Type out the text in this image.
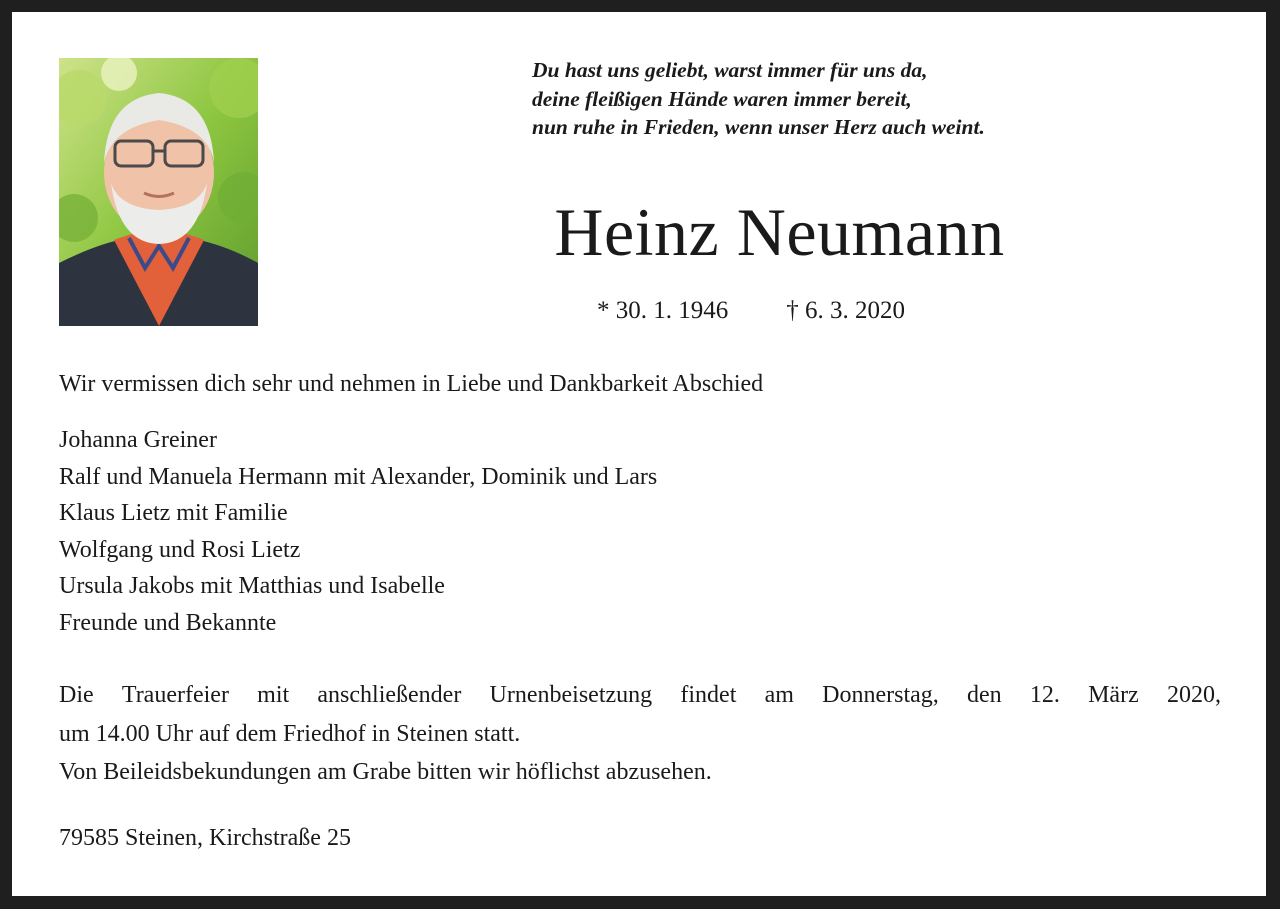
Du hast uns geliebt, warst immer für uns da,
deine fleißigen Hände waren immer bereit,
nun ruhe in Frieden, wenn unser Herz auch weint.
Heinz Neumann
* 30. 1. 1946 † 6. 3. 2020
Wir vermissen dich sehr und nehmen in Liebe und Dankbarkeit Abschied
Johanna Greiner
Ralf und Manuela Hermann mit Alexander, Dominik und Lars
Klaus Lietz mit Familie
Wolfgang und Rosi Lietz
Ursula Jakobs mit Matthias und Isabelle
Freunde und Bekannte
Die Trauerfeier mit anschließender Urnenbeisetzung findet am Donnerstag, den 12. März 2020,
um 14.00 Uhr auf dem Friedhof in Steinen statt.
Von Beileidsbekundungen am Grabe bitten wir höflichst abzusehen.
79585 Steinen, Kirchstraße 25
